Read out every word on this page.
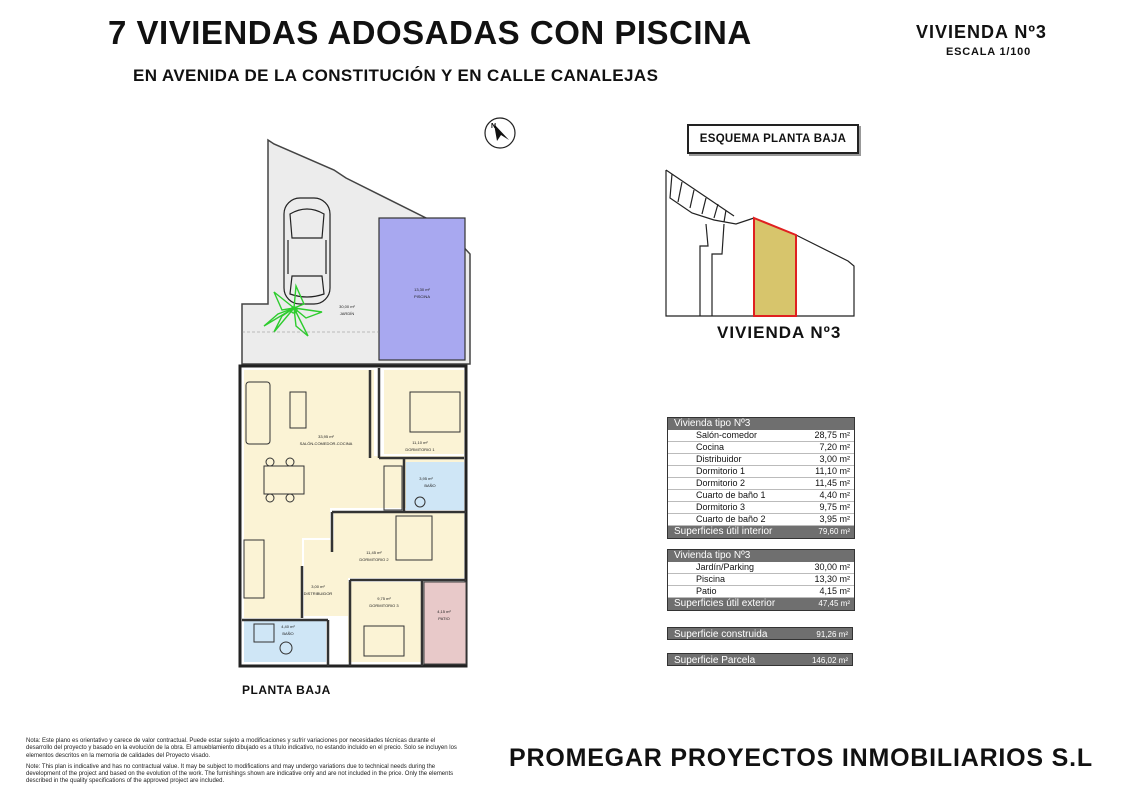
7 VIVIENDAS ADOSADAS CON PISCINA
EN AVENIDA DE LA CONSTITUCIÓN Y EN CALLE CANALEJAS
VIVIENDA Nº3
ESCALA 1/100
N
ESQUEMA PLANTA BAJA
VIVIENDA Nº3
30,00 m²
JARDÍN
13,30 m²
PISCINA
33,95 m²
SALÓN-COMEDOR-COCINA	11,10 m²
DORMITORIO 1
3,95 m²
BAÑO
11,45 m²
DORMITORIO 2
3,00 m²
DISTRIBUIDOR
9,75 m²
DORMITORIO 3
4,40 m²
BAÑO
4,15 m²
PATIO
PLANTA BAJA
Vivienda tipo Nº3
Salón-comedor	28,75 m²
Cocina	7,20 m²
Distribuidor	3,00 m²
Dormitorio 1	11,10 m²
Dormitorio 2	11,45 m²
Cuarto de baño 1	4,40 m²
Dormitorio 3	9,75 m²
Cuarto de baño 2	3,95 m²
Superficies útil interior	79,60 m²
Vivienda tipo Nº3
Jardín/Parking	30,00 m²
Piscina	13,30 m²
Patio	4,15 m²
Superficies útil exterior	47,45 m²
Superficie construida	91,26 m²
Superficie Parcela	146,02 m²

Nota: Este plano es orientativo y carece de valor contractual. Puede estar sujeto a modificaciones y sufrir variaciones por necesidades técnicas durante el desarrollo del proyecto y basado en la evolución de la obra. El amueblamiento dibujado es a título indicativo, no estando incluido en el precio. Solo se incluyen los elementos descritos en la memoria de calidades del Proyecto visado.

Note: This plan is indicative and has no contractual value. It may be subject to modifications and may undergo variations due to technical needs during the development of the project and based on the evolution of the work. The furnishings shown are indicative only and are not included in the price. Only the elements described in the quality specifications of the approved project are included.

PROMEGAR PROYECTOS INMOBILIARIOS S.L
